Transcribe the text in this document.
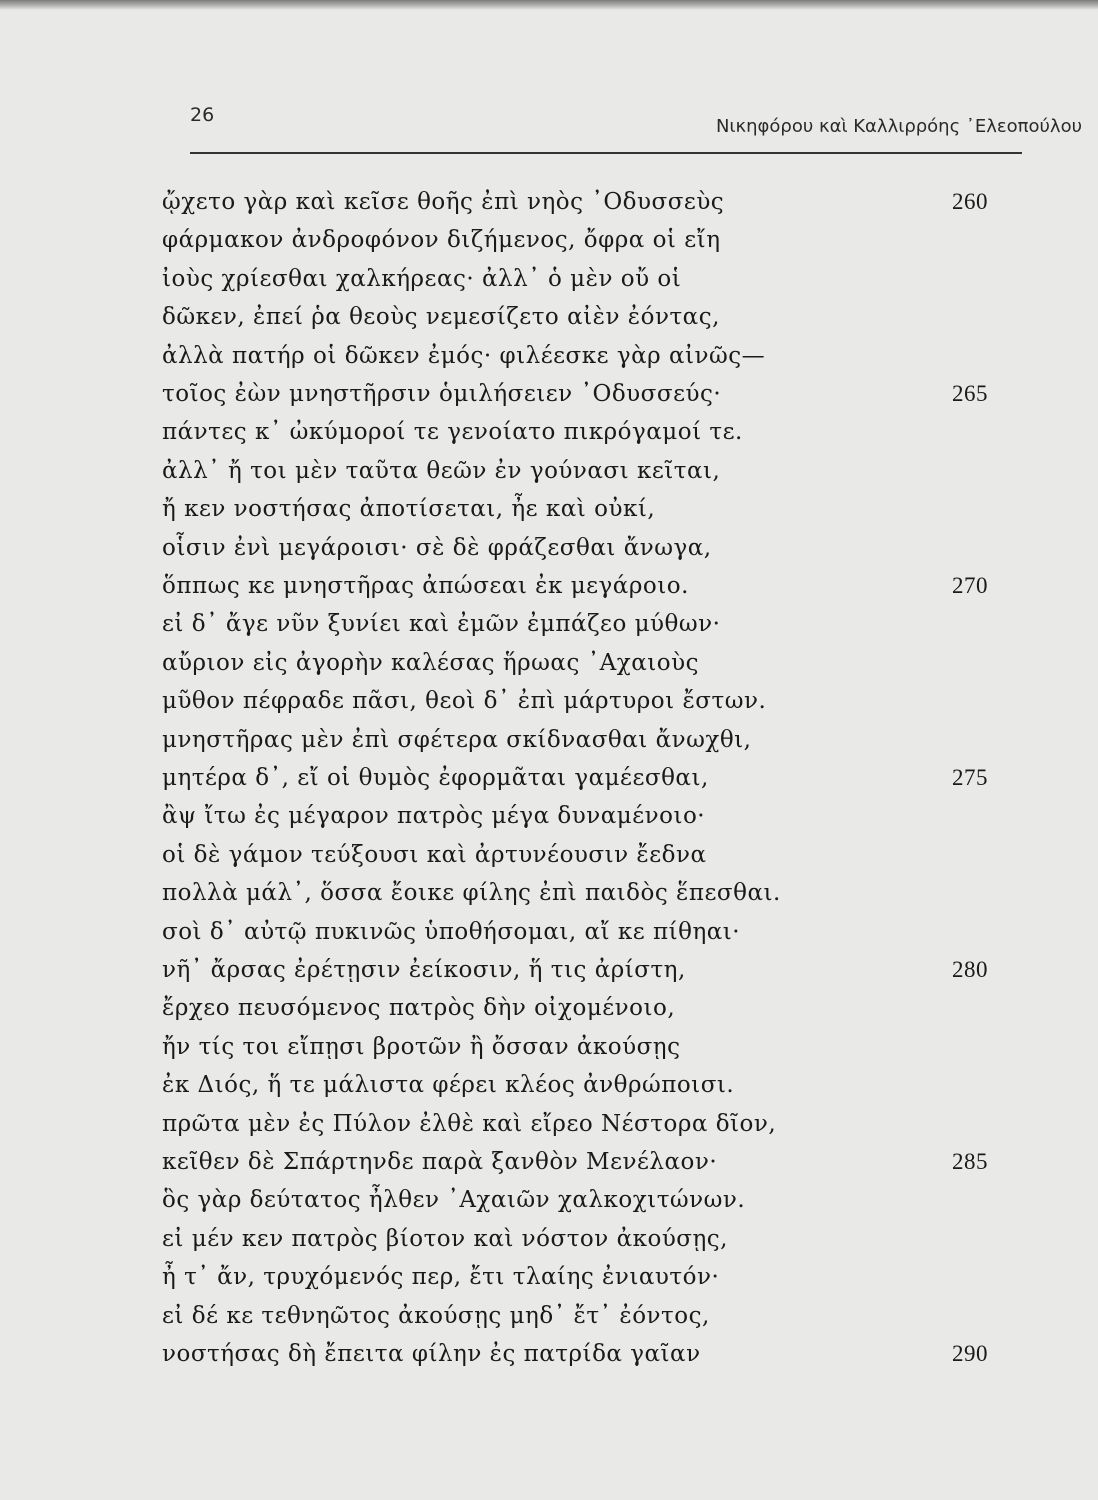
26
Νικηφόρου καὶ Καλλιρρόης ᾿Ελεοπούλου
ᾤχετο γὰρ καὶ κεῖσε θοῆς ἐπὶ νηὸς ᾿Οδυσσεὺς	260
φάρμακον ἀνδροφόνον διζήμενος, ὄφρα οἱ εἴη
ἰοὺς χρίεσθαι χαλκήρεας· ἀλλ᾿ ὁ μὲν οὔ οἱ
δῶκεν, ἐπεί ῥα θεοὺς νεμεσίζετο αἰὲν ἐόντας,
ἀλλὰ πατήρ οἱ δῶκεν ἐμός· φιλέεσκε γὰρ αἰνῶς—
τοῖος ἐὼν μνηστῆρσιν ὁμιλήσειεν ᾿Οδυσσεύς·	265
πάντες κ᾿ ὠκύμοροί τε γενοίατο πικρόγαμοί τε.
ἀλλ᾿ ἤ τοι μὲν ταῦτα θεῶν ἐν γούνασι κεῖται,
ἤ κεν νοστήσας ἀποτίσεται, ἦε καὶ οὐκί,
οἷσιν ἐνὶ μεγάροισι· σὲ δὲ φράζεσθαι ἄνωγα,
ὅππως κε μνηστῆρας ἀπώσεαι ἐκ μεγάροιο.	270
εἰ δ᾿ ἄγε νῦν ξυνίει καὶ ἐμῶν ἐμπάζεο μύθων·
αὔριον εἰς ἀγορὴν καλέσας ἥρωας ᾿Αχαιοὺς
μῦθον πέφραδε πᾶσι, θεοὶ δ᾿ ἐπὶ μάρτυροι ἔστων.
μνηστῆρας μὲν ἐπὶ σφέτερα σκίδνασθαι ἄνωχθι,
μητέρα δ᾿, εἴ οἱ θυμὸς ἐφορμᾶται γαμέεσθαι,	275
ἂψ ἴτω ἐς μέγαρον πατρὸς μέγα δυναμένοιο·
οἱ δὲ γάμον τεύξουσι καὶ ἀρτυνέουσιν ἔεδνα
πολλὰ μάλ᾿, ὅσσα ἔοικε φίλης ἐπὶ παιδὸς ἕπεσθαι.
σοὶ δ᾿ αὐτῷ πυκινῶς ὑποθήσομαι, αἴ κε πίθηαι·
νῆ᾿ ἄρσας ἐρέτῃσιν ἐείκοσιν, ἥ τις ἀρίστη,	280
ἔρχεο πευσόμενος πατρὸς δὴν οἰχομένοιο,
ἤν τίς τοι εἴπῃσι βροτῶν ἢ ὄσσαν ἀκούσῃς
ἐκ Διός, ἥ τε μάλιστα φέρει κλέος ἀνθρώποισι.
πρῶτα μὲν ἐς Πύλον ἐλθὲ καὶ εἴρεο Νέστορα δῖον,
κεῖθεν δὲ Σπάρτηνδε παρὰ ξανθὸν Μενέλαον·	285
ὃς γὰρ δεύτατος ἦλθεν ᾿Αχαιῶν χαλκοχιτώνων.
εἰ μέν κεν πατρὸς βίοτον καὶ νόστον ἀκούσῃς,
ἦ τ᾿ ἄν, τρυχόμενός περ, ἔτι τλαίης ἐνιαυτόν·
εἰ δέ κε τεθνηῶτος ἀκούσῃς μηδ᾿ ἔτ᾿ ἐόντος,
νοστήσας δὴ ἔπειτα φίλην ἐς πατρίδα γαῖαν	290
